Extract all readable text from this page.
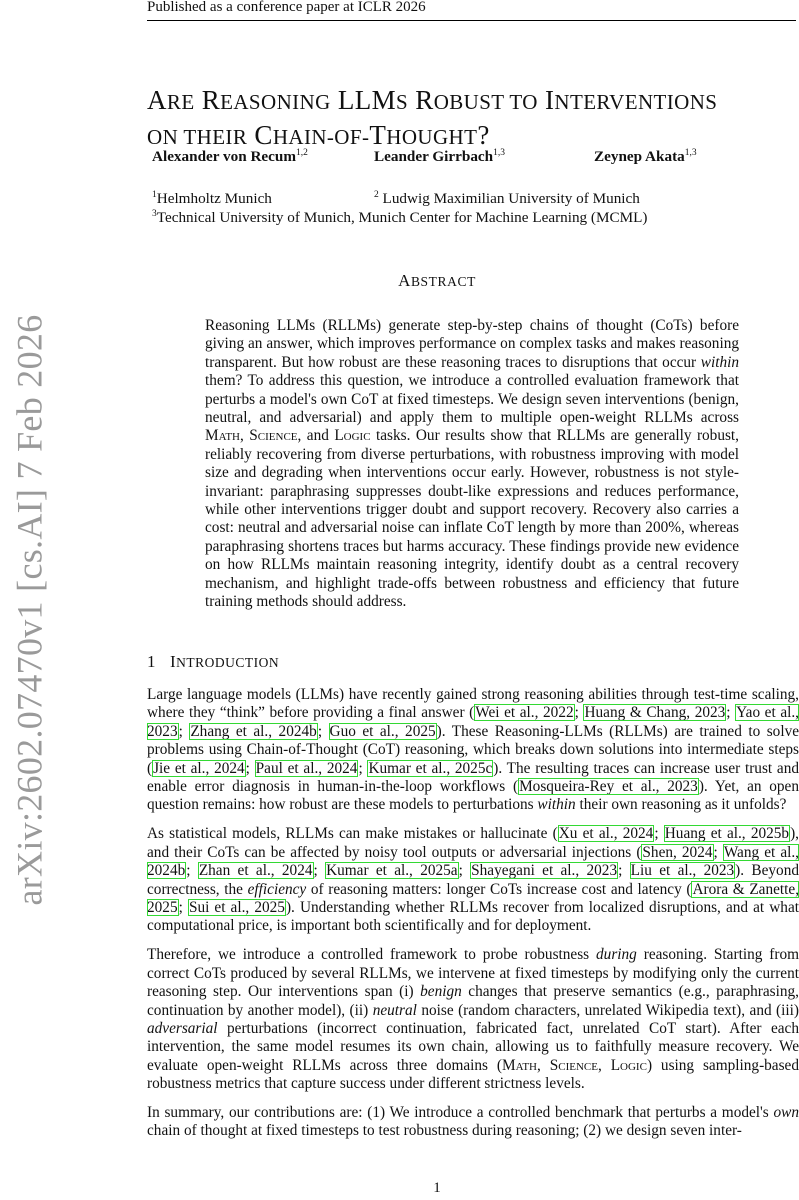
Published as a conference paper at ICLR 2026
arXiv:2602.07470v1 [cs.AI] 7 Feb 2026
ARE REASONING LLMS ROBUST TO INTERVENTIONS
ON THEIR CHAIN-OF-THOUGHT?
Alexander von Recum$^{1,2}$	Leander Girrbach$^{1,3}$	Zeynep Akata$^{1,3}$
$^1$Helmholtz Munich	$^2$ Ludwig Maximilian University of Munich
$^3$Technical University of Munich, Munich Center for Machine Learning (MCML)
ABSTRACT
Reasoning LLMs (RLLMs) generate step-by-step chains of thought (CoTs) before giving an answer, which improves performance on complex tasks and makes reasoning transparent. But how robust are these reasoning traces to disruptions that occur within them? To address this question, we introduce a controlled evaluation framework that perturbs a model's own CoT at fixed timesteps. We design seven interventions (benign, neutral, and adversarial) and apply them to multiple open-weight RLLMs across Math, Science, and Logic tasks. Our results show that RLLMs are generally robust, reliably recovering from diverse perturbations, with robustness improving with model size and degrading when interventions occur early. However, robustness is not style-invariant: paraphrasing suppresses doubt-like expressions and reduces performance, while other interventions trigger doubt and support recovery. Recovery also carries a cost: neutral and adversarial noise can inflate CoT length by more than 200%, whereas paraphrasing shortens traces but harms accuracy. These findings provide new evidence on how RLLMs maintain reasoning integrity, identify doubt as a central recovery mechanism, and highlight trade-offs between robustness and efficiency that future training methods should address.
1 INTRODUCTION

Large language models (LLMs) have recently gained strong reasoning abilities through test-time scaling, where they “think” before providing a final answer (Wei et al., 2022; Huang & Chang, 2023; Yao et al., 2023; Zhang et al., 2024b; Guo et al., 2025). These Reasoning-LLMs (RLLMs) are trained to solve problems using Chain-of-Thought (CoT) reasoning, which breaks down solutions into intermediate steps (Jie et al., 2024; Paul et al., 2024; Kumar et al., 2025c). The resulting traces can increase user trust and enable error diagnosis in human-in-the-loop workflows (Mosqueira-Rey et al., 2023). Yet, an open question remains: how robust are these models to perturbations within their own reasoning as it unfolds?

As statistical models, RLLMs can make mistakes or hallucinate (Xu et al., 2024; Huang et al., 2025b), and their CoTs can be affected by noisy tool outputs or adversarial injections (Shen, 2024; Wang et al., 2024b; Zhan et al., 2024; Kumar et al., 2025a; Shayegani et al., 2023; Liu et al., 2023). Beyond correctness, the efficiency of reasoning matters: longer CoTs increase cost and latency (Arora & Zanette, 2025; Sui et al., 2025). Understanding whether RLLMs recover from localized disruptions, and at what computational price, is important both scientifically and for deployment.

Therefore, we introduce a controlled framework to probe robustness during reasoning. Starting from correct CoTs produced by several RLLMs, we intervene at fixed timesteps by modifying only the current reasoning step. Our interventions span (i) benign changes that preserve semantics (e.g., paraphrasing, continuation by another model), (ii) neutral noise (random characters, unrelated Wikipedia text), and (iii) adversarial perturbations (incorrect continuation, fabricated fact, unrelated CoT start). After each intervention, the same model resumes its own chain, allowing us to faithfully measure recovery. We evaluate open-weight RLLMs across three domains (Math, Science, Logic) using sampling-based robustness metrics that capture success under different strictness levels.

In summary, our contributions are: (1) We introduce a controlled benchmark that perturbs a model's own chain of thought at fixed timesteps to test robustness during reasoning; (2) we design seven inter-

1
